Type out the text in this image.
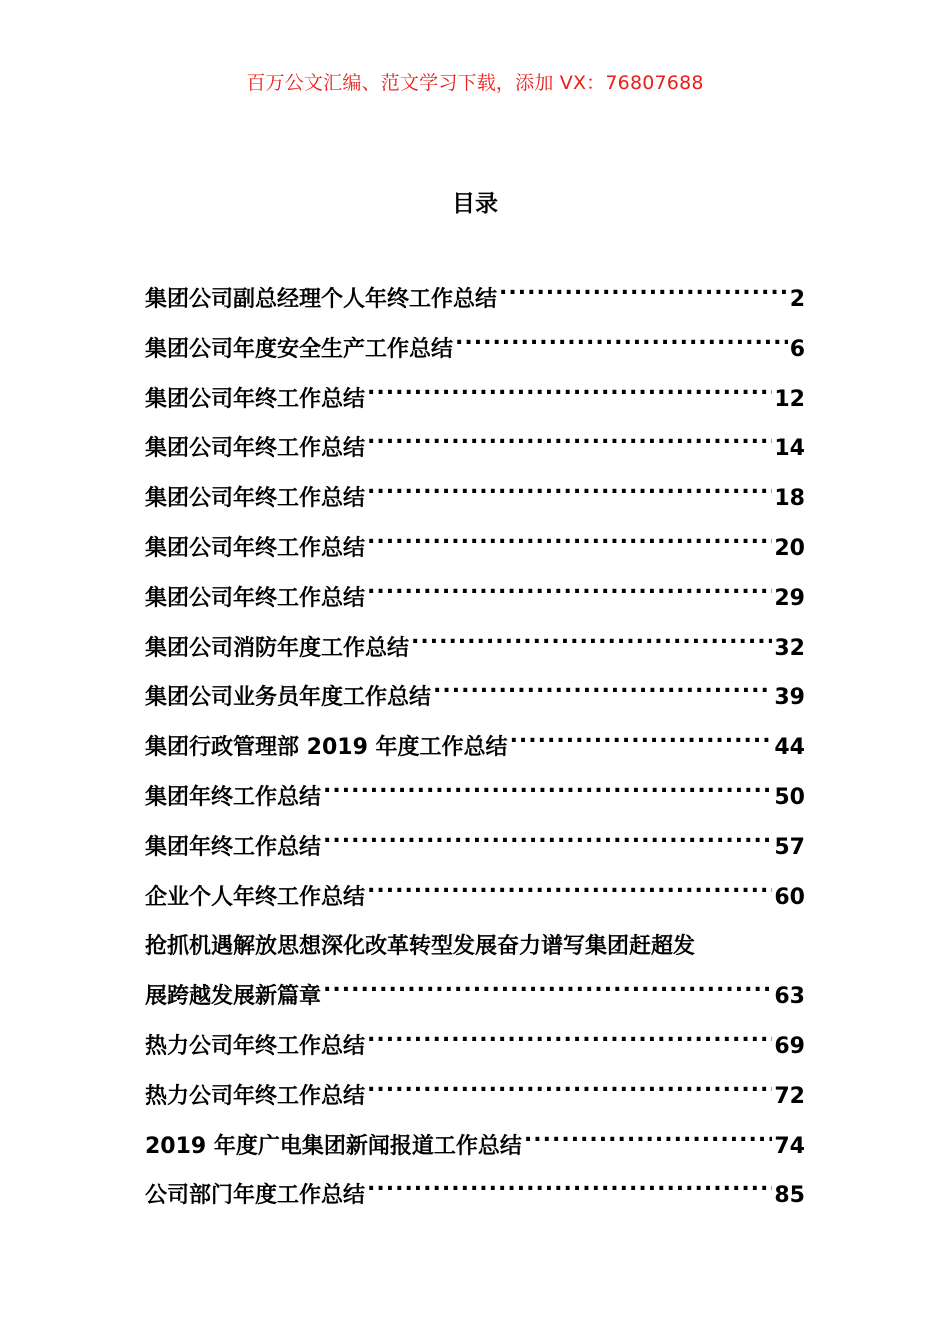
百万公文汇编、范文学习下载，添加 VX：76807688
目录
集团公司副总经理个人年终工作总结 .....	2
集团公司年度安全生产工作总结 .....	6
集团公司年终工作总结 .....	12
集团公司年终工作总结 .....	14
集团公司年终工作总结 .....	18
集团公司年终工作总结 .....	20
集团公司年终工作总结 .....	29
集团公司消防年度工作总结 .....	32
集团公司业务员年度工作总结 .....	39
集团行政管理部 2019 年度工作总结 .....	44
集团年终工作总结 .....	50
集团年终工作总结 .....	57
企业个人年终工作总结 .....	60
抢抓机遇解放思想深化改革转型发展奋力谱写集团赶超发
展跨越发展新篇章 .....	63
热力公司年终工作总结 .....	69
热力公司年终工作总结 .....	72
2019 年度广电集团新闻报道工作总结 .....	74
公司部门年度工作总结 .....	85
